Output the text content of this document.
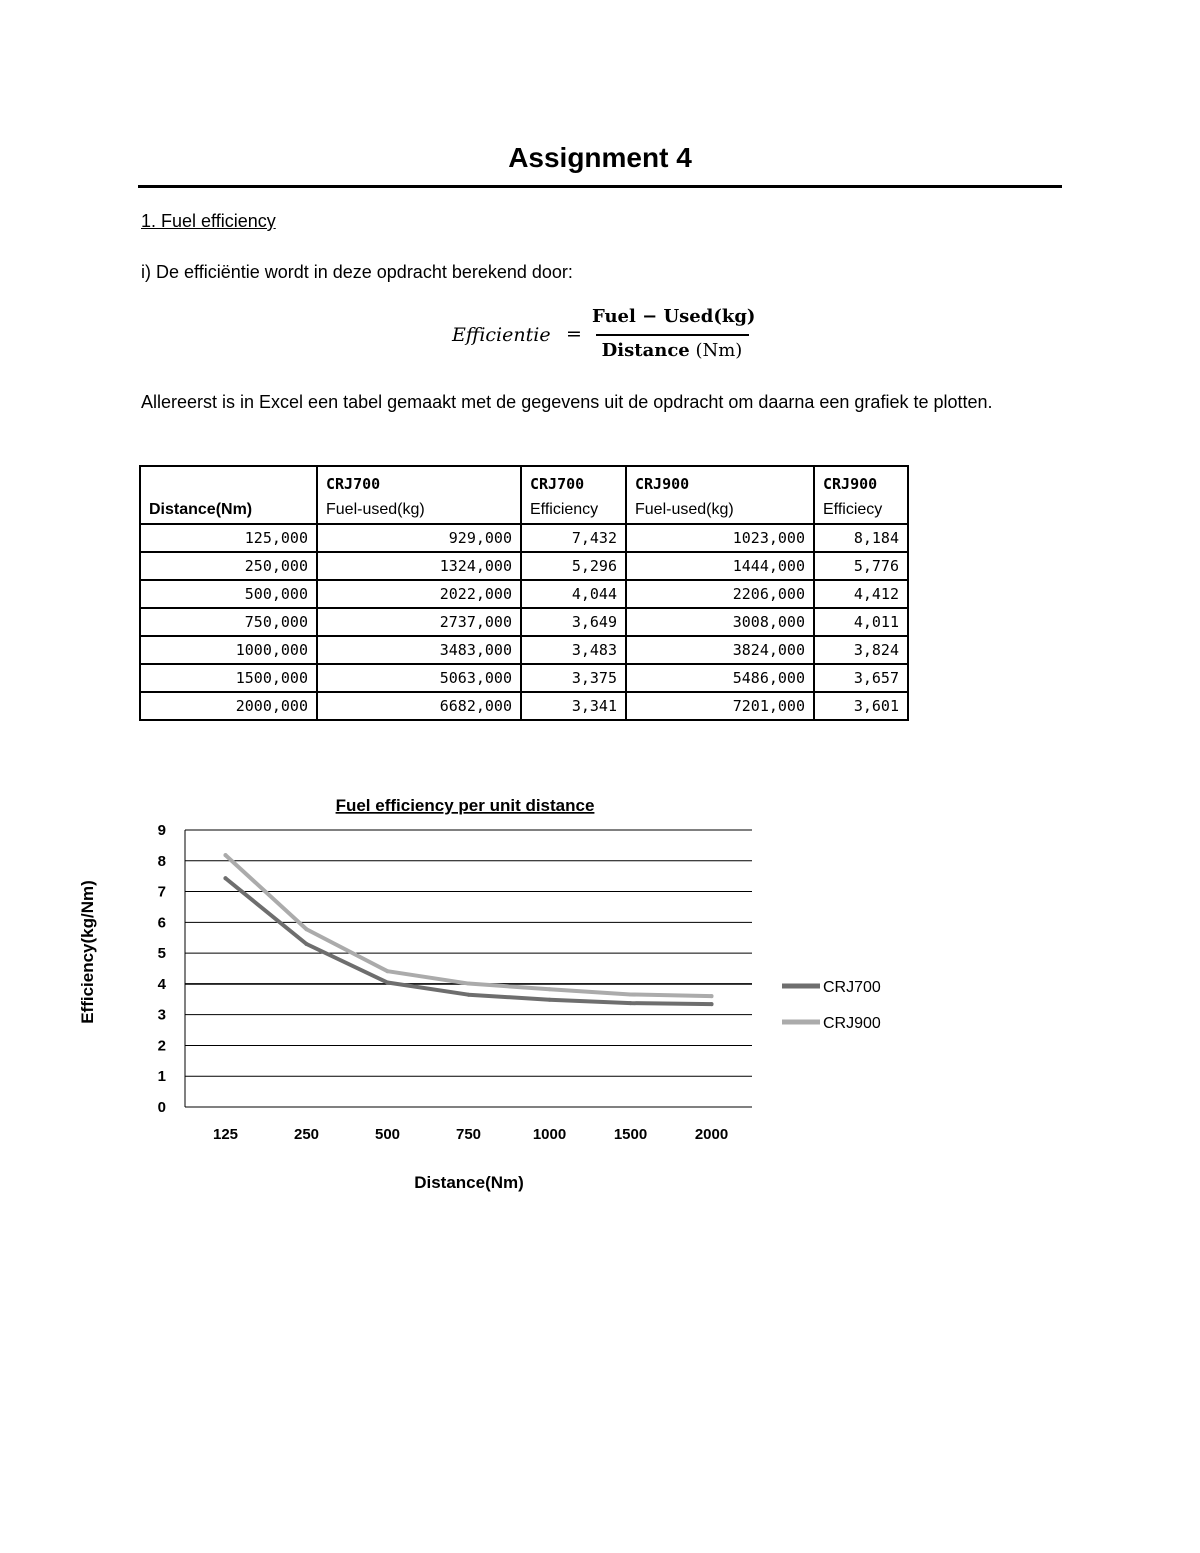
Assignment 4
1. Fuel efficiency
i) De efficiëntie wordt in deze opdracht berekend door:
Efficientie =
Fuel − Used(kg)
Distance (Nm)
Allereerst is in Excel een tabel gemaakt met de gegevens uit de opdracht om daarna een grafiek te plotten.
	CRJ700	CRJ700	CRJ900	CRJ900
Distance(Nm)	Fuel-used(kg)	Efficiency	Fuel-used(kg)	Efficiecy
125,000	929,000	7,432	1023,000	8,184
250,000	1324,000	5,296	1444,000	5,776
500,000	2022,000	4,044	2206,000	4,412
750,000	2737,000	3,649	3008,000	4,011
1000,000	3483,000	3,483	3824,000	3,824
1500,000	5063,000	3,375	5486,000	3,657
2000,000	6682,000	3,341	7201,000	3,601
Fuel efficiency per unit distance
0
1
2
3
4
5
6
7
8
9
125	250	500	750	1000	1500	2000
Distance(Nm)
Efficiency(kg/Nm)	CRJ700
CRJ900
